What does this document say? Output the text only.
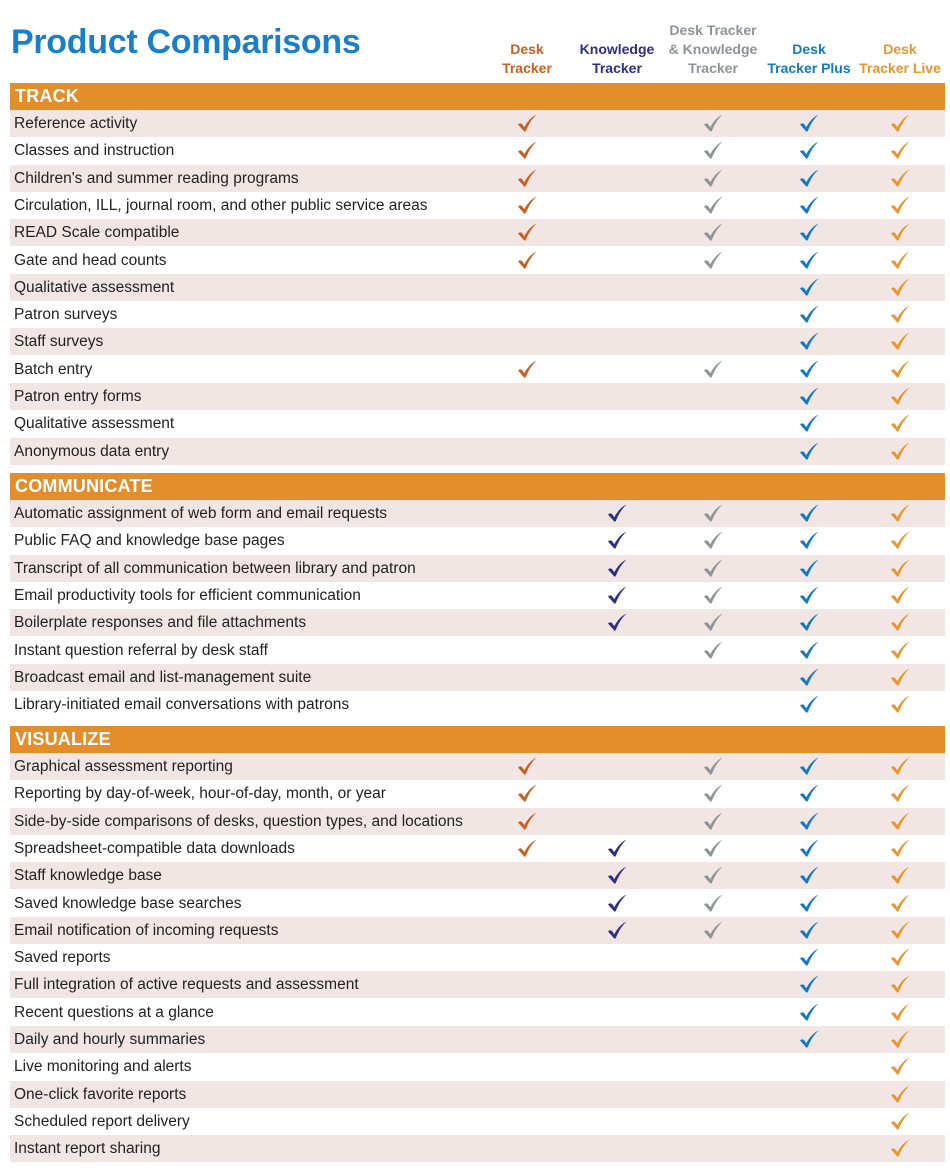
Product Comparisons	Desk
Tracker
Knowledge
Tracker
Desk Tracker
& Knowledge
Tracker
Desk
Tracker Plus
Desk
Tracker Live
TRACK
Reference activity
Classes and instruction
Children's and summer reading programs
Circulation, ILL, journal room, and other public service areas
READ Scale compatible
Gate and head counts
Qualitative assessment
Patron surveys
Staff surveys
Batch entry
Patron entry forms
Qualitative assessment
Anonymous data entry
COMMUNICATE
Automatic assignment of web form and email requests
Public FAQ and knowledge base pages
Transcript of all communication between library and patron
Email productivity tools for efficient communication
Boilerplate responses and file attachments
Instant question referral by desk staff
Broadcast email and list-management suite
Library-initiated email conversations with patrons
VISUALIZE
Graphical assessment reporting
Reporting by day-of-week, hour-of-day, month, or year
Side-by-side comparisons of desks, question types, and locations
Spreadsheet-compatible data downloads
Staff knowledge base
Saved knowledge base searches
Email notification of incoming requests
Saved reports
Full integration of active requests and assessment
Recent questions at a glance
Daily and hourly summaries
Live monitoring and alerts
One-click favorite reports
Scheduled report delivery
Instant report sharing
